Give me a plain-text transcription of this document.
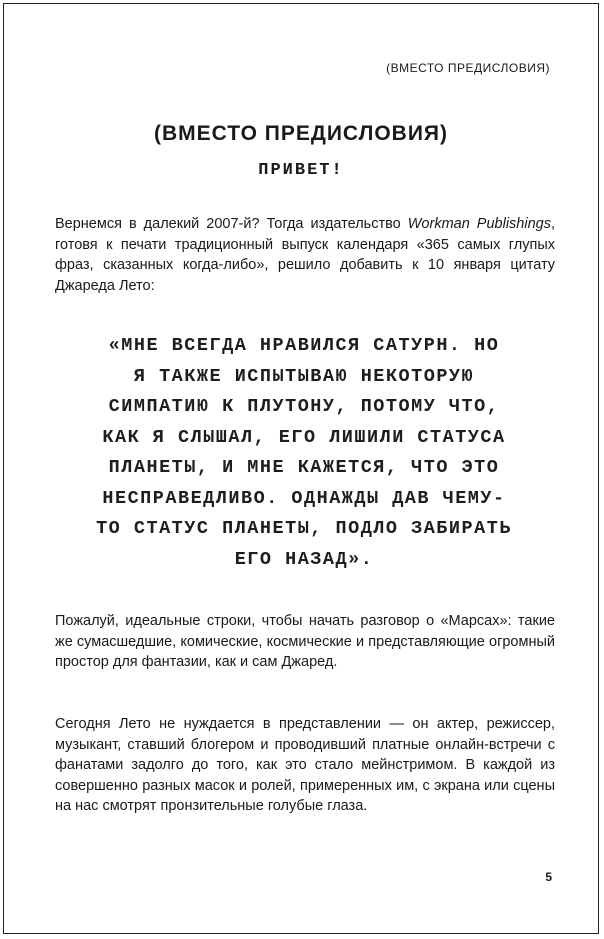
(ВМЕСТО ПРЕДИСЛОВИЯ)
(ВМЕСТО ПРЕДИСЛОВИЯ)
ПРИВЕТ!

Вернемся в далекий 2007-й? Тогда издательство Workman Publishings, готовя к печати традиционный выпуск календаря «365 самых глупых фраз, сказанных когда-либо», решило добавить к 10 января цитату Джареда Лето:

«МНЕ ВСЕГДА НРАВИЛСЯ САТУРН. НО
Я ТАКЖЕ ИСПЫТЫВАЮ НЕКОТОРУЮ
СИМПАТИЮ К ПЛУТОНУ, ПОТОМУ ЧТО,
КАК Я СЛЫШАЛ, ЕГО ЛИШИЛИ СТАТУСА
ПЛАНЕТЫ, И МНЕ КАЖЕТСЯ, ЧТО ЭТО
НЕСПРАВЕДЛИВО. ОДНАЖДЫ ДАВ ЧЕМУ-
ТО СТАТУС ПЛАНЕТЫ, ПОДЛО ЗАБИРАТЬ
ЕГО НАЗАД».

Пожалуй, идеальные строки, чтобы начать разговор о «Марсах»: такие же сумасшедшие, комические, космические и представляющие огромный простор для фантазии, как и сам Джаред.

Сегодня Лето не нуждается в представлении — он актер, режиссер, музыкант, ставший блогером и проводивший платные онлайн-встречи с фанатами задолго до того, как это стало мейнстримом. В каждой из совершенно разных масок и ролей, примеренных им, с экрана или сцены на нас смотрят пронзительные голубые глаза.

5
